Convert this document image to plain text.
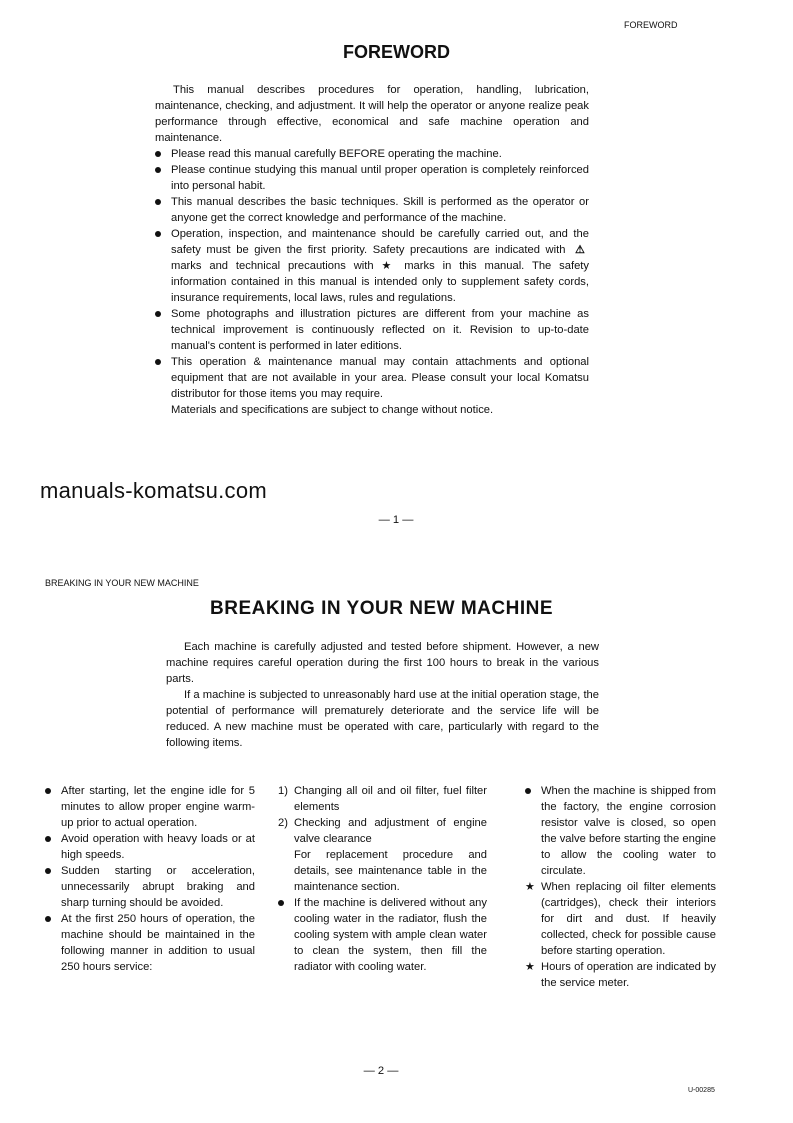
FOREWORD
FOREWORD

This manual describes procedures for operation, handling, lubrication, maintenance, checking, and adjustment. It will help the operator or anyone realize peak performance through effective, economical and safe machine operation and maintenance.

Please read this manual carefully BEFORE operating the machine.
Please continue studying this manual until proper operation is completely reinforced into personal habit.
This manual describes the basic techniques. Skill is performed as the operator or anyone get the correct knowledge and performance of the machine.
Operation, inspection, and maintenance should be carefully carried out, and the safety must be given the first priority. Safety precautions are indicated with ⚠ marks and technical precautions with ★ marks in this manual. The safety information contained in this manual is intended only to supplement safety cords, insurance requirements, local laws, rules and regulations.
Some photographs and illustration pictures are different from your machine as technical improvement is continuously reflected on it. Revision to up-to-date manual's content is performed in later editions.
This operation & maintenance manual may contain attachments and optional equipment that are not available in your area. Please consult your local Komatsu distributor for those items you may require.
Materials and specifications are subject to change without notice.
manuals-komatsu.com
— 1 —
BREAKING IN YOUR NEW MACHINE
BREAKING IN YOUR NEW MACHINE

Each machine is carefully adjusted and tested before shipment. However, a new machine requires careful operation during the first 100 hours to break in the various parts.

If a machine is subjected to unreasonably hard use at the initial operation stage, the potential of performance will prematurely deteriorate and the service life will be reduced. A new machine must be operated with care, particularly with regard to the following items.

After starting, let the engine idle for 5 minutes to allow proper engine warm-up prior to actual operation.
Avoid operation with heavy loads or at high speeds.
Sudden starting or acceleration, unnecessarily abrupt braking and sharp turning should be avoided.
At the first 250 hours of operation, the machine should be maintained in the following manner in addition to usual 250 hours service:
1) Changing all oil and oil filter, fuel filter elements
2) Checking and adjustment of engine valve clearance
For replacement procedure and details, see maintenance table in the maintenance section.
If the machine is delivered without any cooling water in the radiator, flush the cooling system with ample clean water to clean the system, then fill the radiator with cooling water.
When the machine is shipped from the factory, the engine corrosion resistor valve is closed, so open the valve before starting the engine to allow the cooling water to circulate.
★ When replacing oil filter elements (cartridges), check their interiors for dirt and dust. If heavily collected, check for possible cause before starting operation.
★ Hours of operation are indicated by the service meter.
— 2 —
U-00285
